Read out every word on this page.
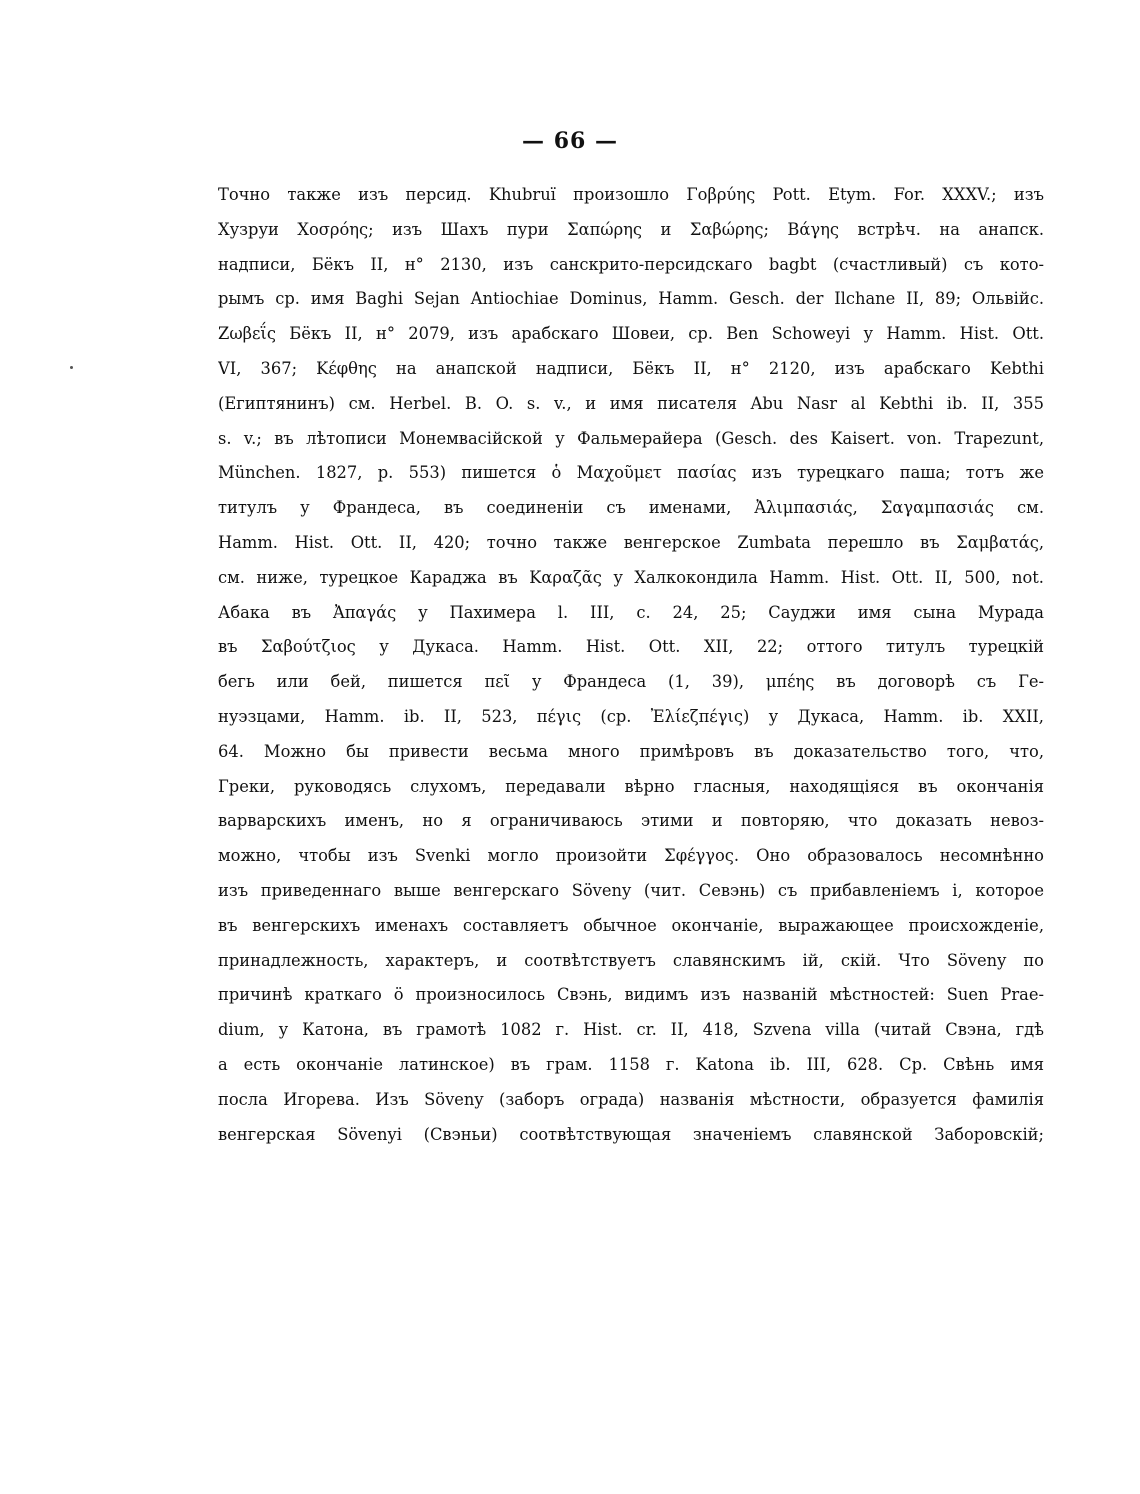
— 66 —
Точно также изъ персид. Khubruï произошло Γοβρύης Pott. Etym. For. XXXV.; изъ
Хузруи Χοσρόης; изъ Шахъ пури Σαπώρης и Σαβώρης; Βάγης встрѣч. на анапск.
надписи, Бёкъ II, н° 2130, изъ санскрито-персидскаго bagbt (счастливый) съ кото-
рымъ ср. имя Baghi Sejan Antiochiae Dominus, Hamm. Gesch. der Ilchane II, 89; Ольвійс.
Ζωβεΐς Бёкъ II, н° 2079, изъ арабскаго Шовеи, ср. Ben Schoweyi у Hamm. Hist. Ott.
VI, 367; Κέφθης на анапской надписи, Бёкъ II, н° 2120, изъ арабскаго Kebthi
(Египтянинъ) см. Herbel. B. O. s. v., и имя писателя Abu Nasr al Kebthi ib. II, 355
s. v.; въ лѣтописи Монемвасійской у Фальмерайера (Gesch. des Kaisert. von. Trapezunt,
München. 1827, p. 553) пишется ὁ Μαχοῦμετ πασίας изъ турецкаго паша; тотъ же
титулъ у Франдеса, въ соединеніи съ именами, Ἀλιμπασιάς, Σαγαμπασιάς см.
Hamm. Hist. Ott. II, 420; точно также венгерское Zumbata перешло въ Σαμβατάς,
см. ниже, турецкое Караджа въ Καραζᾶς у Халкокондила Hamm. Hist. Ott. II, 500, not.
Абака въ Ἀπαγάς у Пахимера l. III, c. 24, 25; Сауджи имя сына Мурада
въ Σαβούτζιος у Дукаса. Hamm. Hist. Ott. XII, 22; оттого титулъ турецкій
бегь или бей, пишется πεῖ у Франдеса (1, 39), μπέης въ договорѣ съ Ге-
нуэзцами, Hamm. ib. II, 523, πέγις (ср. Ἐλίεζπέγις) у Дукаса, Hamm. ib. XXII,
64. Можно бы привести весьма много примѣровъ въ доказательство того, что,
Греки, руководясь слухомъ, передавали вѣрно гласныя, находящіяся въ окончанія
варварскихъ именъ, но я ограничиваюсь этими и повторяю, что доказать невоз-
можно, чтобы изъ Svenki могло произойти Σφέγγος. Оно образовалось несомнѣнно
изъ приведеннаго выше венгерскаго Söveny (чит. Севэнь) съ прибавленіемъ i, которое
въ венгерскихъ именахъ составляетъ обычное окончаніе, выражающее происхожденіе,
принадлежность, характеръ, и соотвѣтствуетъ славянскимъ ій, скій. Что Söveny по
причинѣ краткаго ö произносилось Свэнь, видимъ изъ названій мѣстностей: Suen Prae-
dium, у Катона, въ грамотѣ 1082 г. Hist. cr. II, 418, Szvena villa (читай Свэна, гдѣ
a есть окончаніе латинское) въ грам. 1158 г. Katona ib. III, 628. Ср. Свѣнь имя
посла Игорева. Изъ Söveny (заборъ ограда) названія мѣстности, образуется фамилія
венгерская Sövenyi (Свэньи) соотвѣтствующая значеніемъ славянской Заборовскій;
